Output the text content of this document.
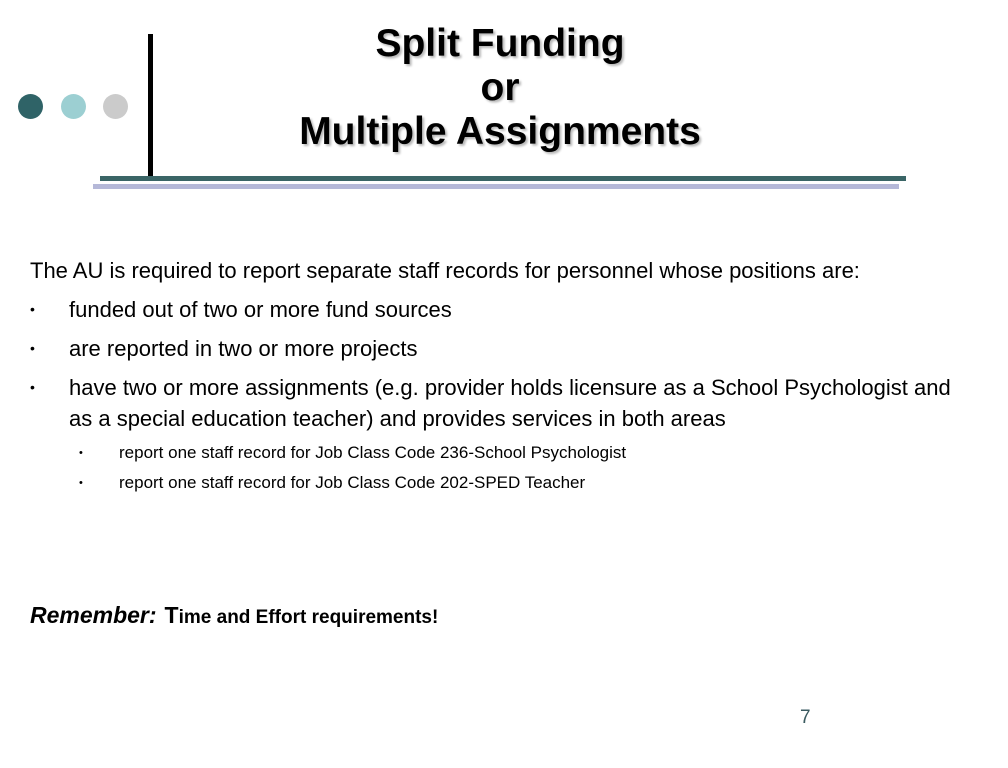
Split Funding
or
Multiple Assignments

The AU is required to report separate staff records for personnel whose positions are:

• funded out of two or more fund sources
• are reported in two or more projects
• have two or more assignments (e.g. provider holds licensure as a School Psychologist and as a special education teacher) and provides services in both areas
•	report one staff record for Job Class Code 236-School Psychologist
•	report one staff record for Job Class Code 202-SPED Teacher
Remember: Time and Effort requirements!
7
